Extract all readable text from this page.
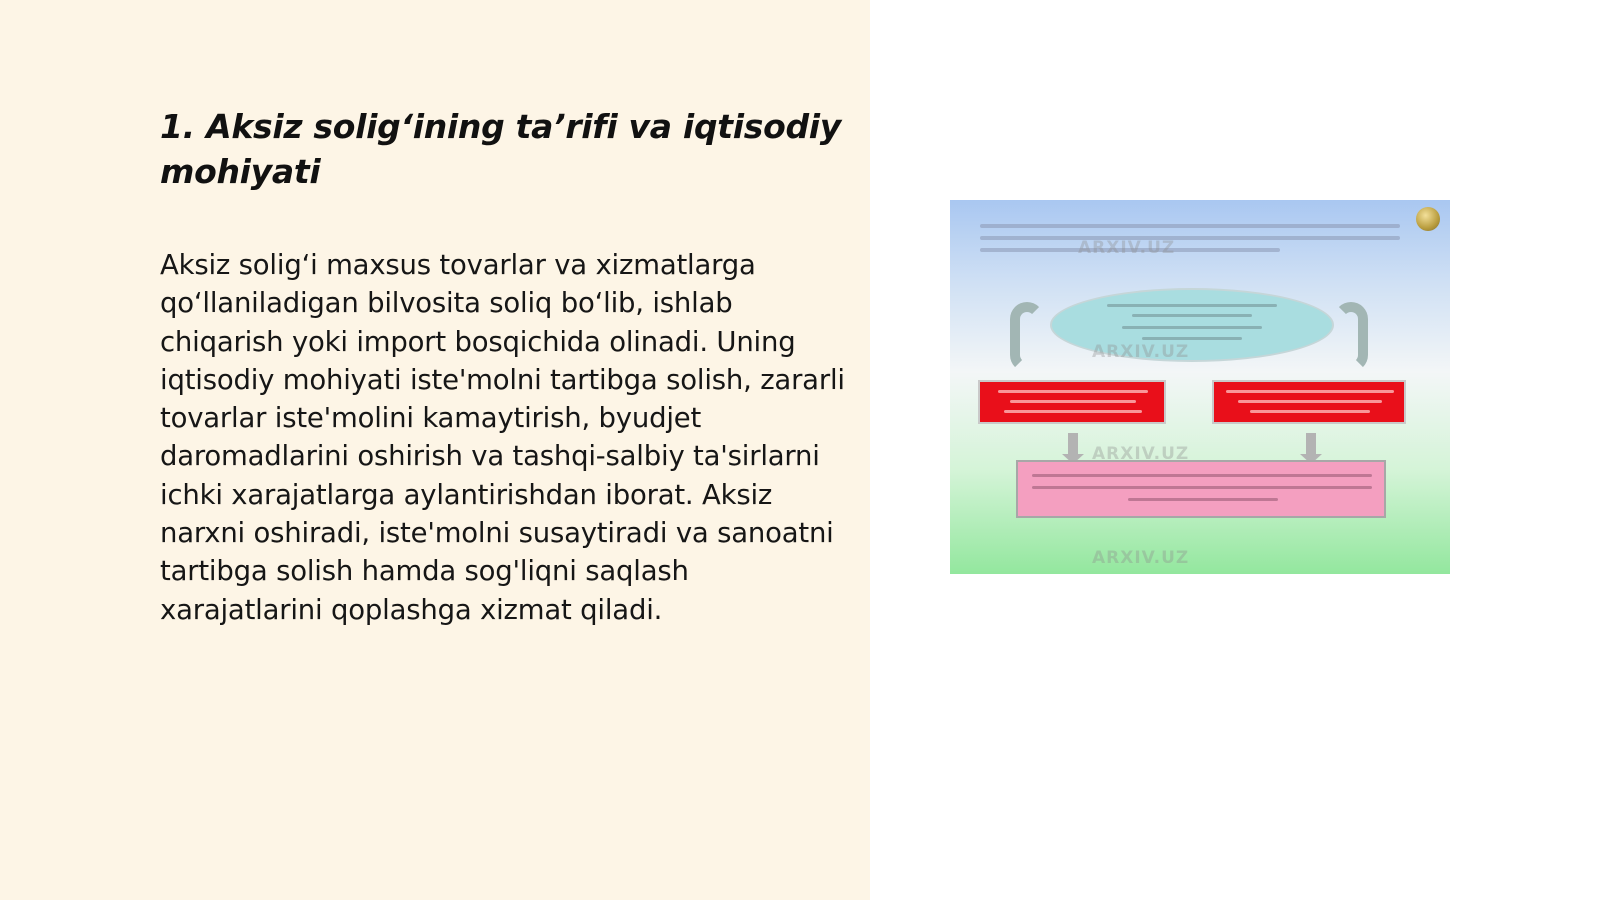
1. Aksiz solig‘ining ta’rifi va iqtisodiy mohiyati

Aksiz solig‘i maxsus tovarlar va xizmatlarga qo‘llaniladigan bilvosita soliq bo‘lib, ishlab chiqarish yoki import bosqichida olinadi. Uning iqtisodiy mohiyati iste'molni tartibga solish, zararli tovarlar iste'molini kamaytirish, byudjet daromadlarini oshirish va tashqi-salbiy ta'sirlarni ichki xarajatlarga aylantirishdan iborat. Aksiz narxni oshiradi, iste'molni susaytiradi va sanoatni tartibga solish hamda sog'liqni saqlash xarajatlarini qoplashga xizmat qiladi.

ARXIV.UZ
ARXIV.UZ
ARXIV.UZ
ARXIV.UZ
